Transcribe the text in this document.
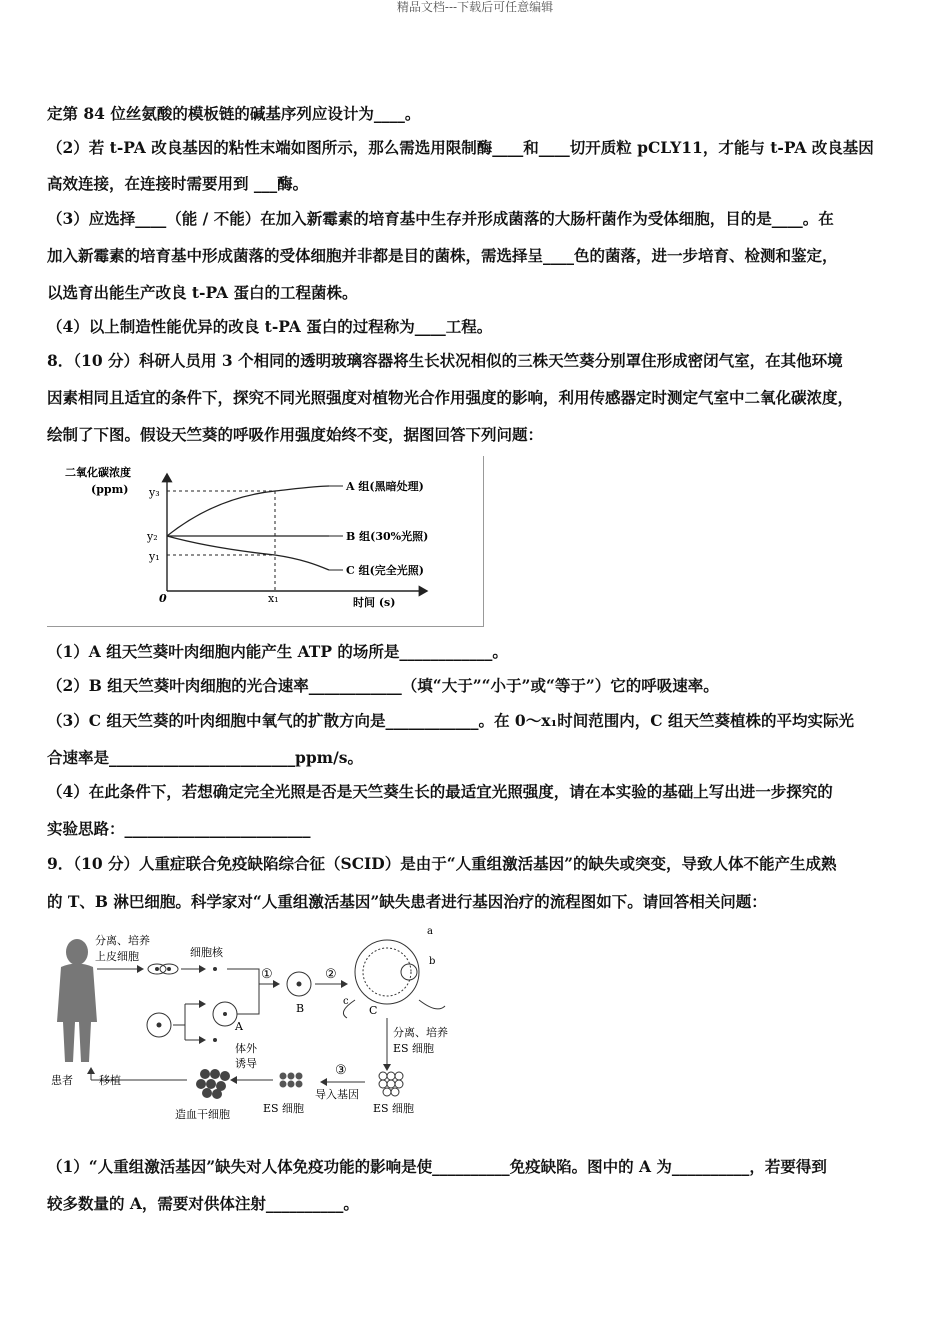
精品文档---下载后可任意编辑
定第 84 位丝氨酸的模板链的碱基序列应设计为____。
（2）若 t-PA 改良基因的粘性末端如图所示，那么需选用限制酶____和____切开质粒 pCLY11，才能与 t-PA 改良基因
高效连接，在连接时需要用到 ___酶。
（3）应选择____（能 / 不能）在加入新霉素的培育基中生存并形成菌落的大肠杆菌作为受体细胞，目的是____。在
加入新霉素的培育基中形成菌落的受体细胞并非都是目的菌株，需选择呈____色的菌落，进一步培育、检测和鉴定，
以选育出能生产改良 t-PA 蛋白的工程菌株。
（4）以上制造性能优异的改良 t-PA 蛋白的过程称为____工程。
8．（10 分）科研人员用 3 个相同的透明玻璃容器将生长状况相似的三株天竺葵分别罩住形成密闭气室，在其他环境
因素相同且适宜的条件下，探究不同光照强度对植物光合作用强度的影响，利用传感器定时测定气室中二氧化碳浓度，
绘制了下图。假设天竺葵的呼吸作用强度始终不变，据图回答下列问题：
二氧化碳浓度
(ppm)
时间 (s)
0
y₃
y₂
y₁
x₁
A 组(黑暗处理)
B 组(30%光照)
C 组(完全光照)
（1）A 组天竺葵叶肉细胞内能产生 ATP 的场所是____________。
（2）B 组天竺葵叶肉细胞的光合速率____________（填“大于”“小于”或“等于”）它的呼吸速率。
（3）C 组天竺葵的叶肉细胞中氧气的扩散方向是____________。在 0～x₁时间范围内，C 组天竺葵植株的平均实际光
合速率是________________________ppm/s。
（4）在此条件下，若想确定完全光照是否是天竺葵生长的最适宜光照强度，请在本实验的基础上写出进一步探究的
实验思路：________________________
9．（10 分）人重症联合免疫缺陷综合征（SCID）是由于“人重组激活基因”的缺失或突变，导致人体不能产生成熟
的 T、B 淋巴细胞。科学家对“人重组激活基因”缺失患者进行基因治疗的流程图如下。请回答相关问题：
分离、培养
上皮细胞	细胞核
①
B
②
a
b
c
C
A	分离、培养
ES 细胞
ES 细胞
③
导入基因
ES 细胞
体外
诱导
造血干细胞
患者 移植
（1）“人重组激活基因”缺失对人体免疫功能的影响是使__________免疫缺陷。图中的 A 为__________，若要得到
较多数量的 A，需要对供体注射__________。
